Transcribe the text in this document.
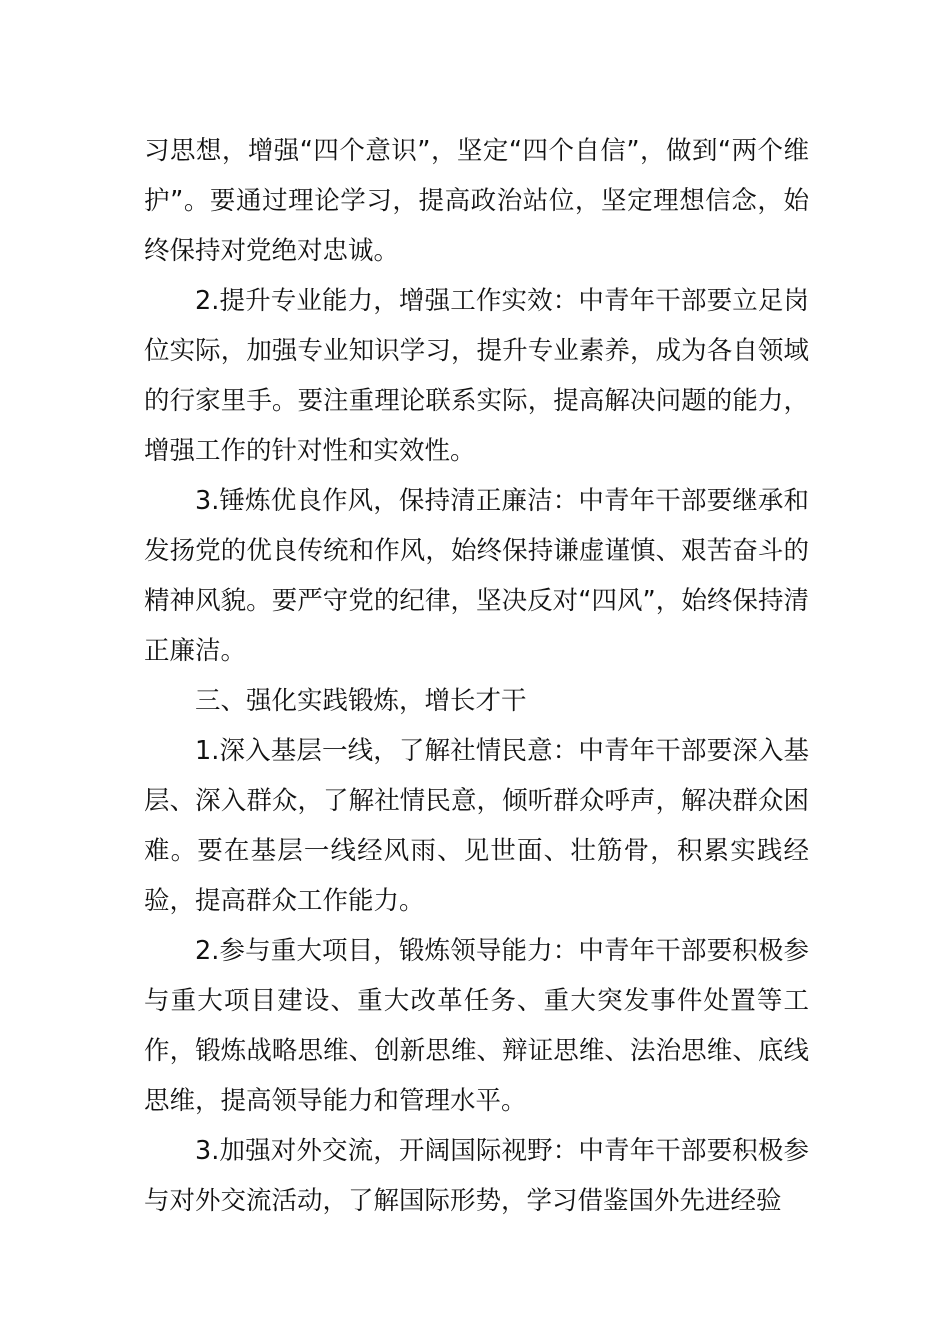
习思想，增强“四个意识”，坚定“四个自信”，做到“两个维护”。要通过理论学习，提高政治站位，坚定理想信念，始终保持对党绝对忠诚。

2.提升专业能力，增强工作实效：中青年干部要立足岗位实际，加强专业知识学习，提升专业素养，成为各自领域的行家里手。要注重理论联系实际，提高解决问题的能力，增强工作的针对性和实效性。

3.锤炼优良作风，保持清正廉洁：中青年干部要继承和发扬党的优良传统和作风，始终保持谦虚谨慎、艰苦奋斗的精神风貌。要严守党的纪律，坚决反对“四风”，始终保持清正廉洁。

三、强化实践锻炼，增长才干

1.深入基层一线，了解社情民意：中青年干部要深入基层、深入群众，了解社情民意，倾听群众呼声，解决群众困难。要在基层一线经风雨、见世面、壮筋骨，积累实践经验，提高群众工作能力。

2.参与重大项目，锻炼领导能力：中青年干部要积极参与重大项目建设、重大改革任务、重大突发事件处置等工作，锻炼战略思维、创新思维、辩证思维、法治思维、底线思维，提高领导能力和管理水平。

3.加强对外交流，开阔国际视野：中青年干部要积极参与对外交流活动，了解国际形势，学习借鉴国外先进经验
